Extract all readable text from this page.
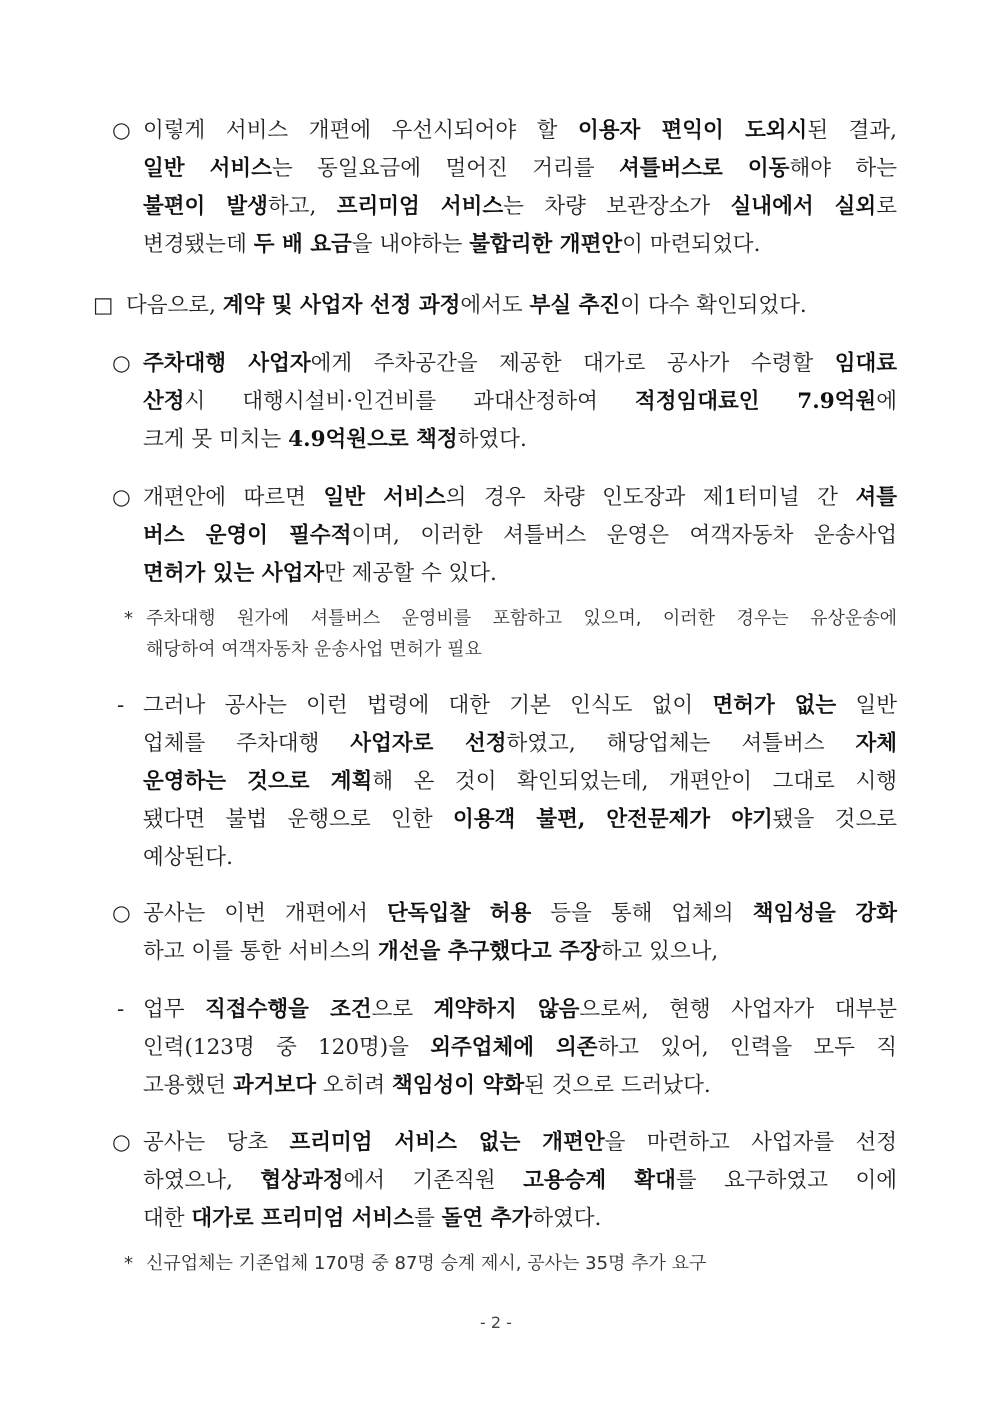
○ 이렇게 서비스 개편에 우선시되어야 할 이용자 편익이 도외시된 결과,
일반 서비스는 동일요금에 멀어진 거리를 셔틀버스로 이동해야 하는
불편이 발생하고, 프리미엄 서비스는 차량 보관장소가 실내에서 실외로
변경됐는데 두 배 요금을 내야하는 불합리한 개편안이 마련되었다.
□ 다음으로, 계약 및 사업자 선정 과정에서도 부실 추진이 다수 확인되었다.
○ 주차대행 사업자에게 주차공간을 제공한 대가로 공사가 수령할 임대료
산정시 대행시설비·인건비를 과대산정하여 적정임대료인 7.9억원에
크게 못 미치는 4.9억원으로 책정하였다.
○ 개편안에 따르면 일반 서비스의 경우 차량 인도장과 제1터미널 간 셔틀
버스 운영이 필수적이며, 이러한 셔틀버스 운영은 여객자동차 운송사업
면허가 있는 사업자만 제공할 수 있다.
* 주차대행 원가에 셔틀버스 운영비를 포함하고 있으며, 이러한 경우는 유상운송에
해당하여 여객자동차 운송사업 면허가 필요
- 그러나 공사는 이런 법령에 대한 기본 인식도 없이 면허가 없는 일반
업체를 주차대행 사업자로 선정하였고, 해당업체는 셔틀버스 자체
운영하는 것으로 계획해 온 것이 확인되었는데, 개편안이 그대로 시행
됐다면 불법 운행으로 인한 이용객 불편, 안전문제가 야기됐을 것으로
예상된다.
○ 공사는 이번 개편에서 단독입찰 허용 등을 통해 업체의 책임성을 강화
하고 이를 통한 서비스의 개선을 추구했다고 주장하고 있으나,
- 업무 직접수행을 조건으로 계약하지 않음으로써, 현행 사업자가 대부분
인력(123명 중 120명)을 외주업체에 의존하고 있어, 인력을 모두 직
고용했던 과거보다 오히려 책임성이 약화된 것으로 드러났다.
○ 공사는 당초 프리미엄 서비스 없는 개편안을 마련하고 사업자를 선정
하였으나, 협상과정에서 기존직원 고용승계 확대를 요구하였고 이에
대한 대가로 프리미엄 서비스를 돌연 추가하였다.
* 신규업체는 기존업체 170명 중 87명 승계 제시, 공사는 35명 추가 요구
- 2 -
